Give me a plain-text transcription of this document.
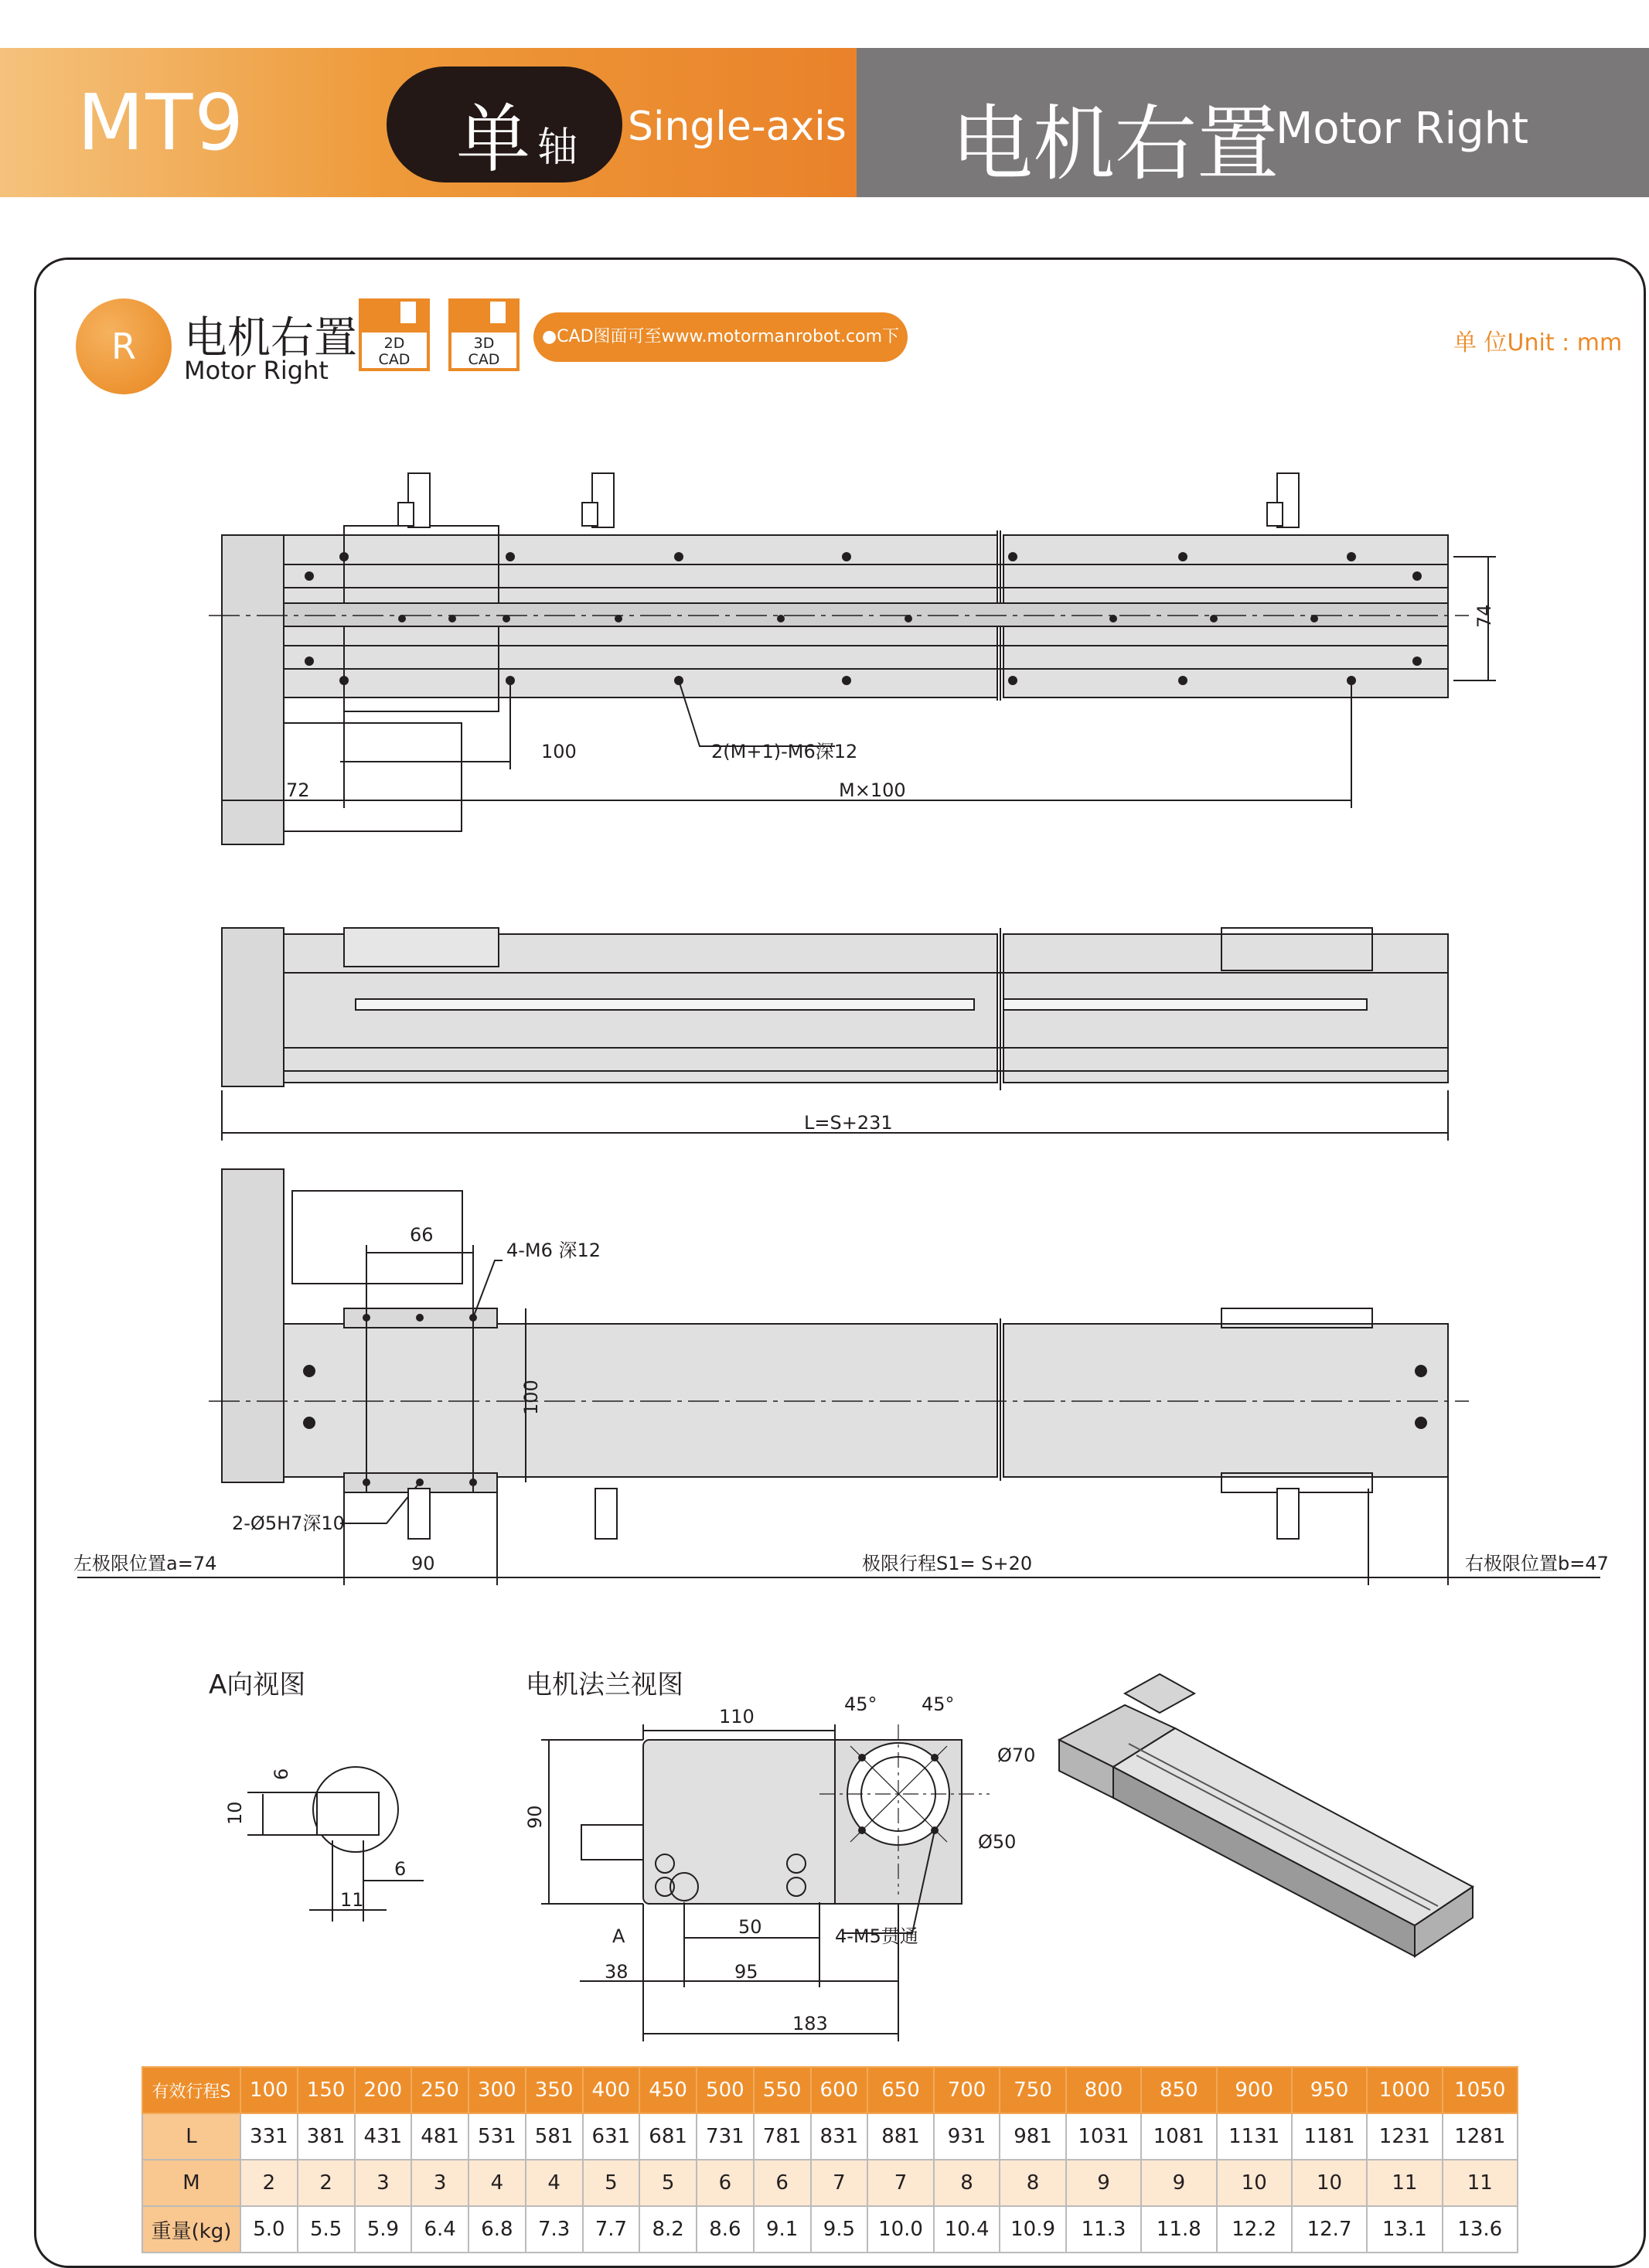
MT9	单 轴 Single-axis 电机右置
Motor Right
R	电机右置
Motor Right
2D
CAD
3D
CAD
●CAD图面可至www.motormanrobot.com下载●
单 位Unit : mm
100
72	M×100
2(M+1)-M6深12
74
L=S+231
66
4-M6 深12
100
2-Ø5H7深10
90
左极限位置a=74	极限行程S1= S+20	右极限位置b=47
A向视图
6
10
6
11
电机法兰视图
110
45° 45°
Ø70
Ø50
90
50
A	4-M5贯通
38	95
183
有效行程S	100	150	200	250	300	350	400	450	500	550	600	650	700	750	800	850	900	950	1000	1050
L	331	381	431	481	531	581	631	681	731	781	831	881	931	981	1031	1081	1131	1181	1231	1281
M	2	2	3	3	4	4	5	5	6	6	7	7	8	8	9	9	10	10	11	11
重量(kg)	5.0	5.5	5.9	6.4	6.8	7.3	7.7	8.2	8.6	9.1	9.5	10.0	10.4	10.9	11.3	11.8	12.2	12.7	13.1	13.6
